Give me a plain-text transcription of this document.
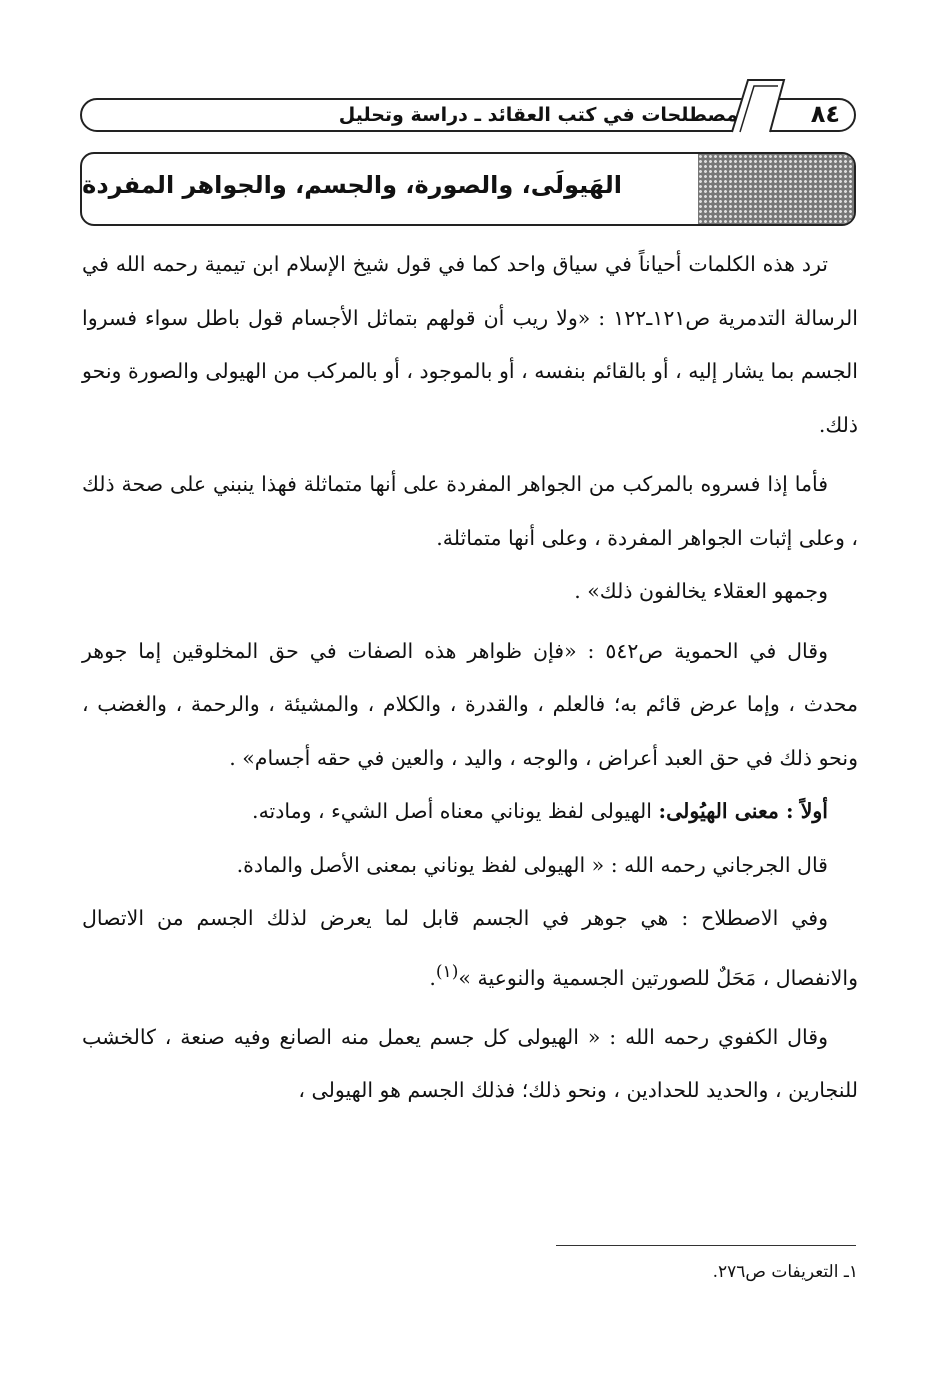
٨٤
مصطلحات في كتب العقائد ـ دراسة وتحليل
الهَيولَى، والصورة، والجسم، والجواهر المفردة

ترد هذه الكلمات أحياناً في سياق واحد كما في قول شيخ الإسلام ابن تيمية رحمه الله في الرسالة التدمرية ص١٢١ـ١٢٢ : «ولا ريب أن قولهم بتماثل الأجسام قول باطل سواء فسروا الجسم بما يشار إليه ، أو بالقائم بنفسه ، أو بالموجود ، أو بالمركب من الهيولى والصورة ونحو ذلك.

فأما إذا فسروه بالمركب من الجواهر المفردة على أنها متماثلة فهذا ينبني على صحة ذلك ، وعلى إثبات الجواهر المفردة ، وعلى أنها متماثلة.

وجمهو العقلاء يخالفون ذلك» .

وقال في الحموية ص٥٤٢ : «فإن ظواهر هذه الصفات في حق المخلوقين إما جوهر محدث ، وإما عرض قائم به؛ فالعلم ، والقدرة ، والكلام ، والمشيئة ، والرحمة ، والغضب ، ونحو ذلك في حق العبد أعراض ، والوجه ، واليد ، والعين في حقه أجسام» .

أولاً : معنى الهيُولى: الهيولى لفظ يوناني معناه أصل الشيء ، ومادته.

قال الجرجاني رحمه الله : « الهيولى لفظ يوناني بمعنى الأصل والمادة.

وفي الاصطلاح : هي جوهر في الجسم قابل لما يعرض لذلك الجسم من الاتصال والانفصال ، مَحَلٌ للصورتين الجسمية والنوعية »$^{(١)}$.

وقال الكفوي رحمه الله : « الهيولى كل جسم يعمل منه الصانع وفيه صنعة ، كالخشب للنجارين ، والحديد للحدادين ، ونحو ذلك؛ فذلك الجسم هو الهيولى ،

١ـ التعريفات ص٢٧٦.
